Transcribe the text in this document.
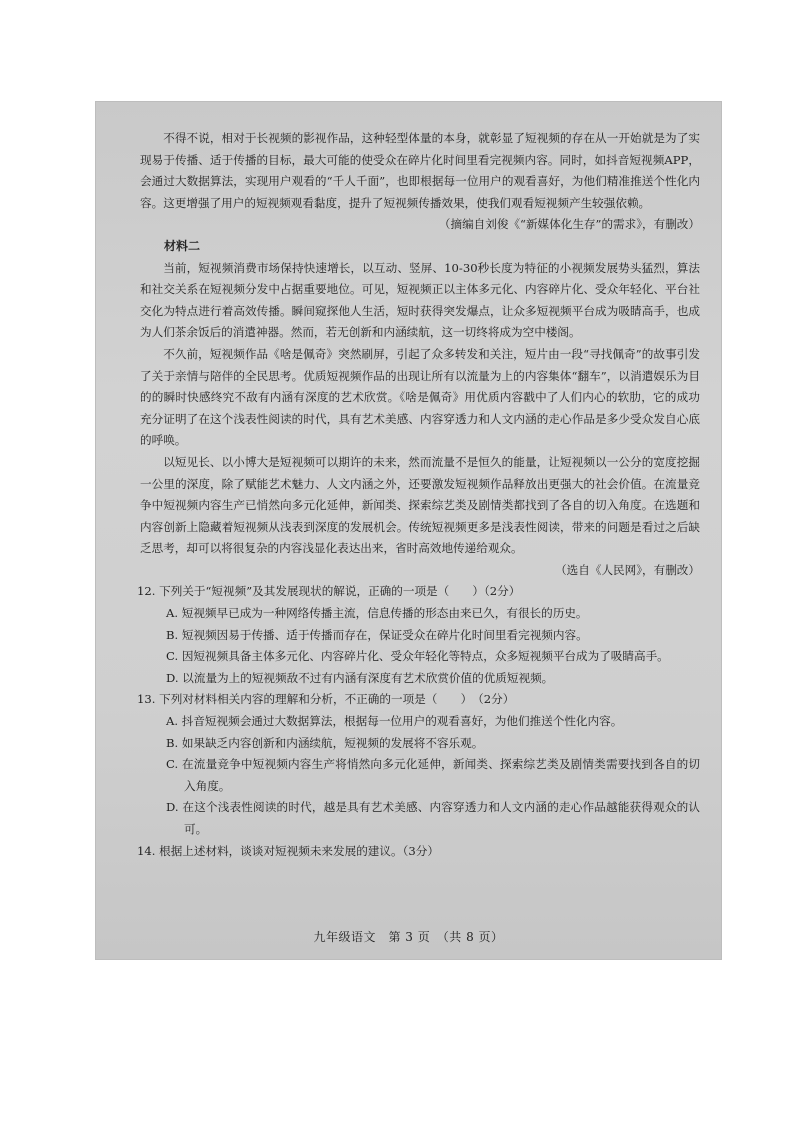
不得不说，相对于长视频的影视作品，这种轻型体量的本身，就彰显了短视频的存在从一开始就是为了实现易于传播、适于传播的目标，最大可能的使受众在碎片化时间里看完视频内容。同时，如抖音短视频APP，会通过大数据算法，实现用户观看的“千人千面”，也即根据每一位用户的观看喜好，为他们精准推送个性化内容。这更增强了用户的短视频观看黏度，提升了短视频传播效果，使我们观看短视频产生较强依赖。

（摘编自刘俊《“新媒体化生存”的需求》，有删改）

材料二

当前，短视频消费市场保持快速增长，以互动、竖屏、10-30秒长度为特征的小视频发展势头猛烈，算法和社交关系在短视频分发中占据重要地位。可见，短视频正以主体多元化、内容碎片化、受众年轻化、平台社交化为特点进行着高效传播。瞬间窥探他人生活，短时获得突发爆点，让众多短视频平台成为吸睛高手，也成为人们茶余饭后的消遣神器。然而，若无创新和内涵续航，这一切终将成为空中楼阁。

不久前，短视频作品《啥是佩奇》突然刷屏，引起了众多转发和关注，短片由一段“寻找佩奇”的故事引发了关于亲情与陪伴的全民思考。优质短视频作品的出现让所有以流量为上的内容集体“翻车”，以消遣娱乐为目的的瞬时快感终究不敌有内涵有深度的艺术欣赏。《啥是佩奇》用优质内容戳中了人们内心的软肋，它的成功充分证明了在这个浅表性阅读的时代，具有艺术美感、内容穿透力和人文内涵的走心作品是多少受众发自心底的呼唤。

以短见长、以小博大是短视频可以期许的未来，然而流量不是恒久的能量，让短视频以一公分的宽度挖掘一公里的深度，除了赋能艺术魅力、人文内涵之外，还要激发短视频作品释放出更强大的社会价值。在流量竞争中短视频内容生产已悄然向多元化延伸，新闻类、探索综艺类及剧情类都找到了各自的切入角度。在选题和内容创新上隐藏着短视频从浅表到深度的发展机会。传统短视频更多是浅表性阅读，带来的问题是看过之后缺乏思考，却可以将很复杂的内容浅显化表达出来，省时高效地传递给观众。

（选自《人民网》，有删改）

12. 下列关于“短视频”及其发展现状的解说，正确的一项是（　　）（2分）

A. 短视频早已成为一种网络传播主流，信息传播的形态由来已久，有很长的历史。

B. 短视频因易于传播、适于传播而存在，保证受众在碎片化时间里看完视频内容。

C. 因短视频具备主体多元化、内容碎片化、受众年轻化等特点，众多短视频平台成为了吸睛高手。

D. 以流量为上的短视频敌不过有内涵有深度有艺术欣赏价值的优质短视频。

13. 下列对材料相关内容的理解和分析，不正确的一项是（　　）　（2分）

A. 抖音短视频会通过大数据算法，根据每一位用户的观看喜好，为他们推送个性化内容。

B. 如果缺乏内容创新和内涵续航，短视频的发展将不容乐观。

C. 在流量竞争中短视频内容生产将悄然向多元化延伸，新闻类、探索综艺类及剧情类需要找到各自的切入角度。

D. 在这个浅表性阅读的时代，越是具有艺术美感、内容穿透力和人文内涵的走心作品越能获得观众的认可。

14. 根据上述材料，谈谈对短视频未来发展的建议。（3分）

九年级语文　第 3 页　（共 8 页）
